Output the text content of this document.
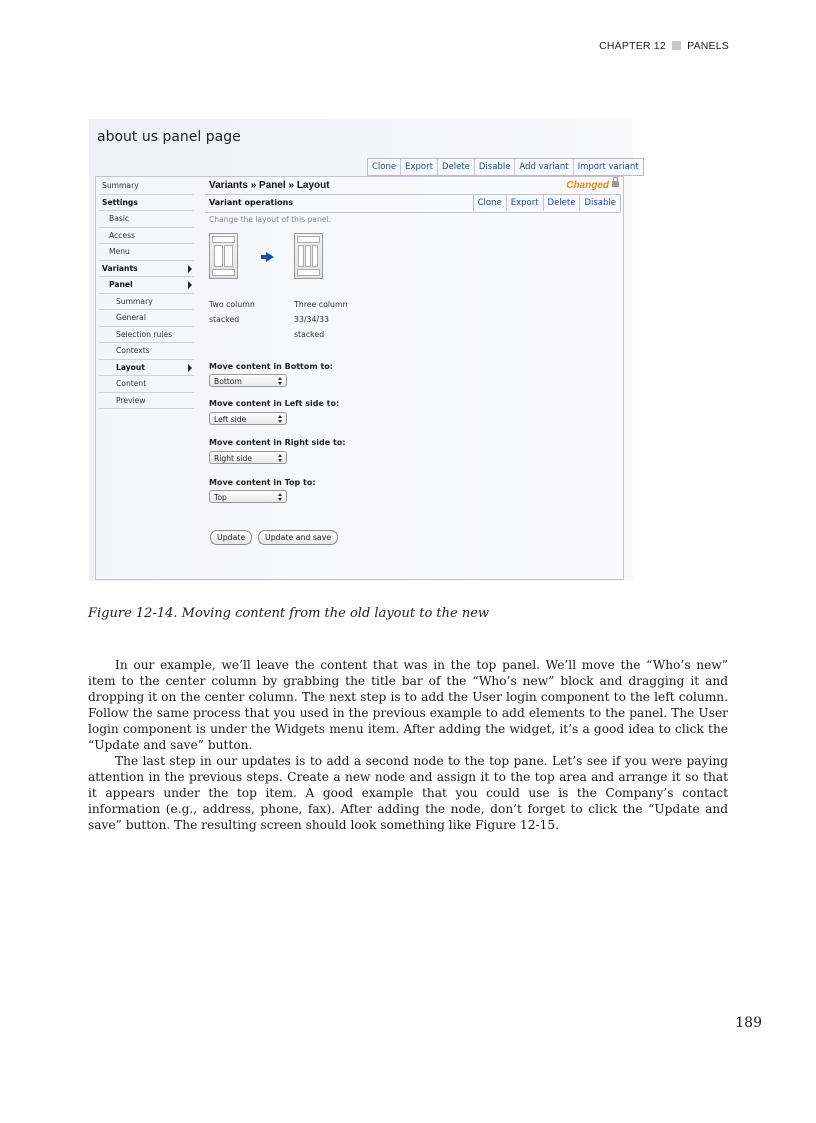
CHAPTER 12 PANELS
about us panel page
Clone	Export	Delete	Disable	Add variant	Import variant
Summary
Settings
Basic
Access
Menu
Variants
Panel
Summary
General
Selection rules
Contexts
Layout
Content
Preview
Variants » Panel » Layout	Changed
Variant operations	Clone	Export	Delete	Disable
Change the layout of this panel.
Two column
stacked
Three column
33/34/33
stacked
Move content in Bottom to:
Bottom
Move content in Left side to:
Left side
Move content in Right side to:
Right side
Move content in Top to:
Top
Update	Update and save
Figure 12-14. Moving content from the old layout to the new

In our example, we’ll leave the content that was in the top panel. We’ll move the “Who’s new” item to the center column by grabbing the title bar of the “Who’s new” block and dragging it and dropping it on the center column. The next step is to add the User login component to the left column. Follow the same process that you used in the previous example to add elements to the panel. The User login component is under the Widgets menu item. After adding the widget, it’s a good idea to click the “Update and save” button.

The last step in our updates is to add a second node to the top pane. Let’s see if you were paying attention in the previous steps. Create a new node and assign it to the top area and arrange it so that it appears under the top item. A good example that you could use is the Company’s contact information (e.g., address, phone, fax). After adding the node, don’t forget to click the “Update and save” button. The resulting screen should look something like Figure 12-15.

189
